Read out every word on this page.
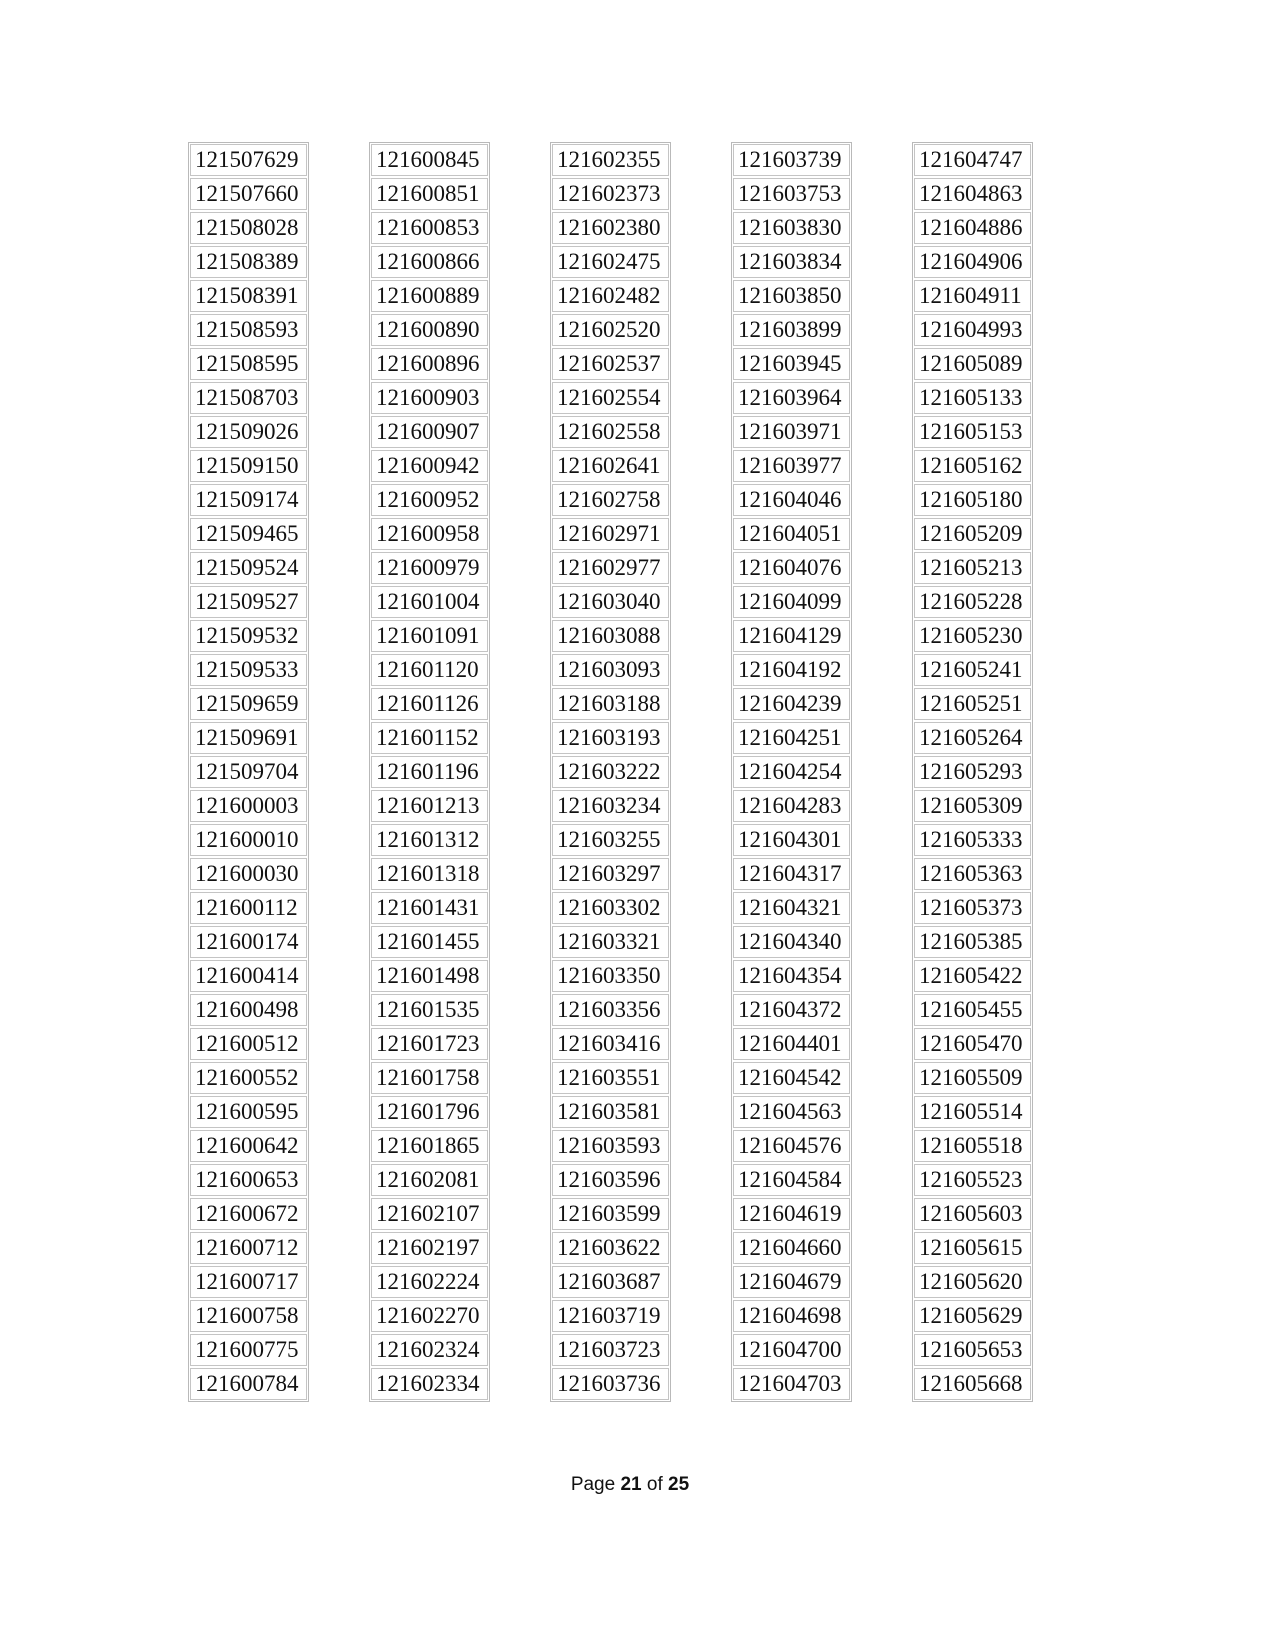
121507629
121507660
121508028
121508389
121508391
121508593
121508595
121508703
121509026
121509150
121509174
121509465
121509524
121509527
121509532
121509533
121509659
121509691
121509704
121600003
121600010
121600030
121600112
121600174
121600414
121600498
121600512
121600552
121600595
121600642
121600653
121600672
121600712
121600717
121600758
121600775
121600784
121600845
121600851
121600853
121600866
121600889
121600890
121600896
121600903
121600907
121600942
121600952
121600958
121600979
121601004
121601091
121601120
121601126
121601152
121601196
121601213
121601312
121601318
121601431
121601455
121601498
121601535
121601723
121601758
121601796
121601865
121602081
121602107
121602197
121602224
121602270
121602324
121602334
121602355
121602373
121602380
121602475
121602482
121602520
121602537
121602554
121602558
121602641
121602758
121602971
121602977
121603040
121603088
121603093
121603188
121603193
121603222
121603234
121603255
121603297
121603302
121603321
121603350
121603356
121603416
121603551
121603581
121603593
121603596
121603599
121603622
121603687
121603719
121603723
121603736
121603739
121603753
121603830
121603834
121603850
121603899
121603945
121603964
121603971
121603977
121604046
121604051
121604076
121604099
121604129
121604192
121604239
121604251
121604254
121604283
121604301
121604317
121604321
121604340
121604354
121604372
121604401
121604542
121604563
121604576
121604584
121604619
121604660
121604679
121604698
121604700
121604703
121604747
121604863
121604886
121604906
121604911
121604993
121605089
121605133
121605153
121605162
121605180
121605209
121605213
121605228
121605230
121605241
121605251
121605264
121605293
121605309
121605333
121605363
121605373
121605385
121605422
121605455
121605470
121605509
121605514
121605518
121605523
121605603
121605615
121605620
121605629
121605653
121605668
Page 21 of 25
